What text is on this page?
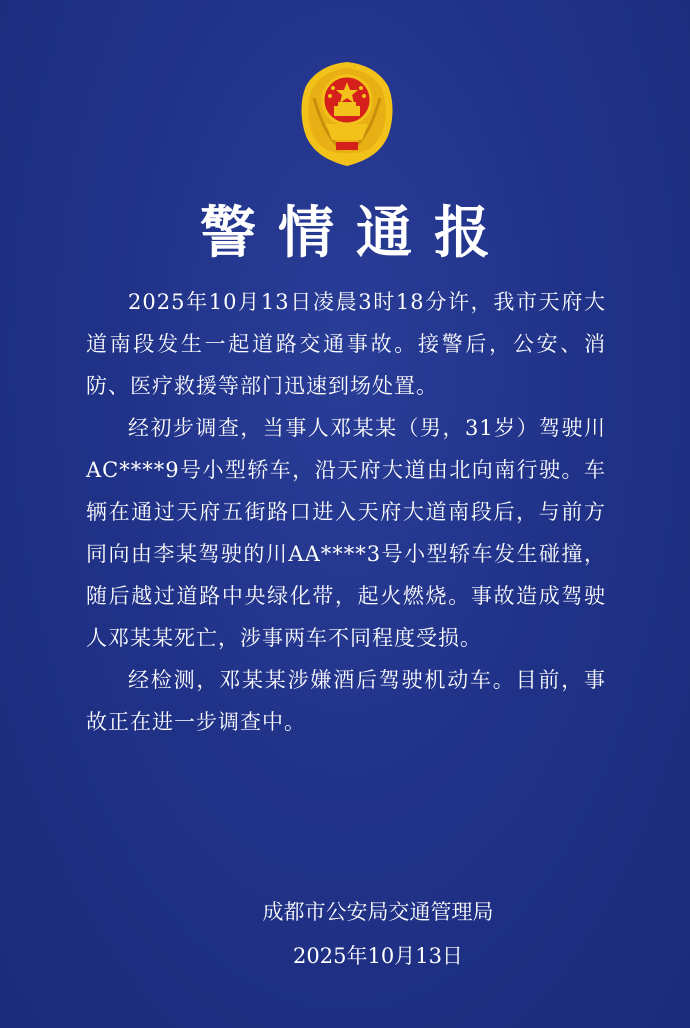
警情通报

2025年10月13日凌晨3时18分许，我市天府大道南段发生一起道路交通事故。接警后，公安、消防、医疗救援等部门迅速到场处置。

经初步调查，当事人邓某某（男，31岁）驾驶川AC****9号小型轿车，沿天府大道由北向南行驶。车辆在通过天府五街路口进入天府大道南段后，与前方同向由李某驾驶的川AA****3号小型轿车发生碰撞，随后越过道路中央绿化带，起火燃烧。事故造成驾驶人邓某某死亡，涉事两车不同程度受损。

经检测，邓某某涉嫌酒后驾驶机动车。目前，事故正在进一步调查中。

成都市公安局交通管理局
2025年10月13日
